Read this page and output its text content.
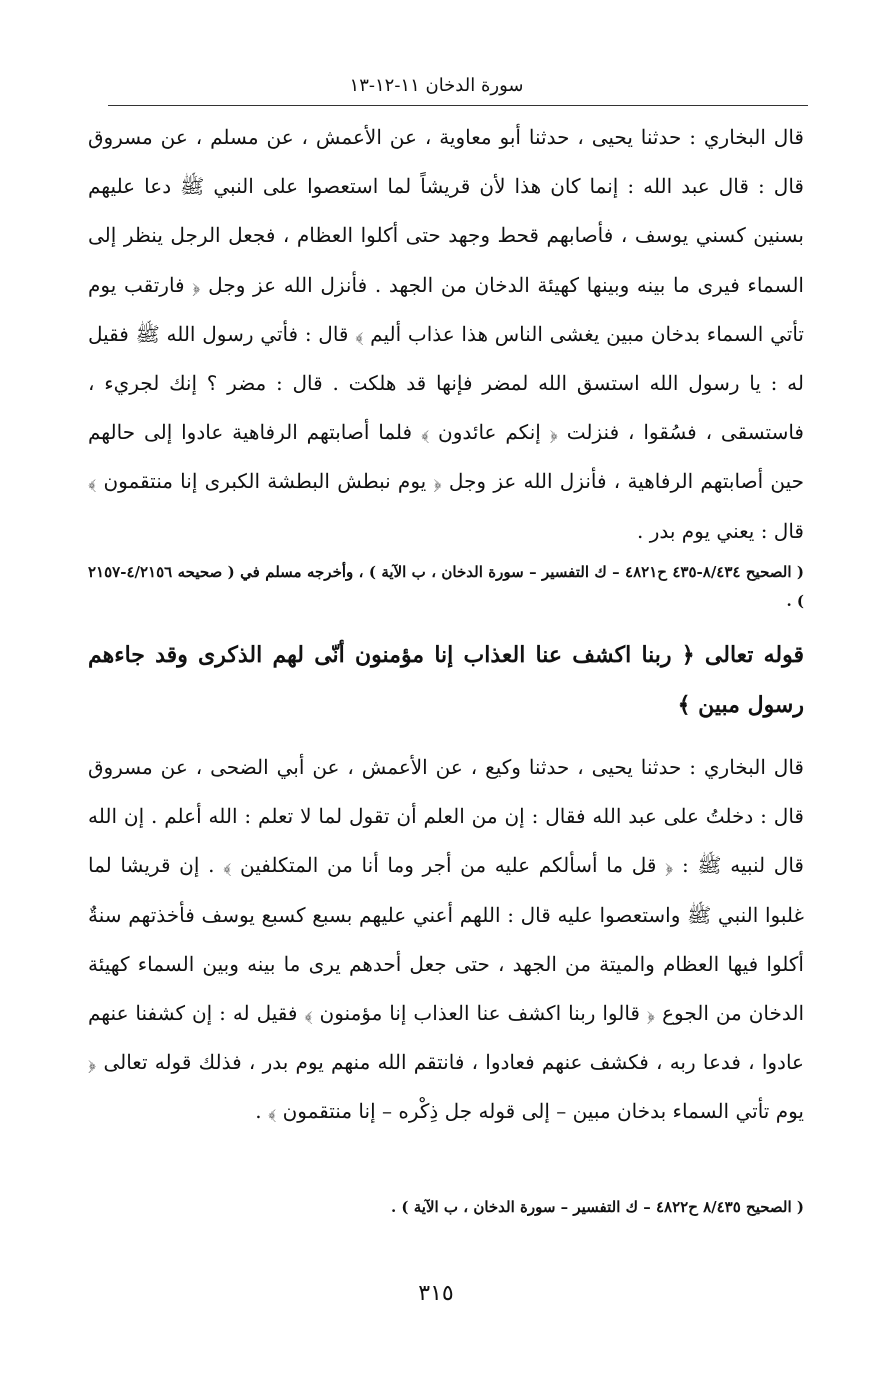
سورة الدخان ١١-١٢-١٣

قال البخاري : حدثنا يحيى ، حدثنا أبو معاوية ، عن الأعمش ، عن مسلم ، عن مسروق قال : قال عبد الله : إنما كان هذا لأن قريشاً لما استعصوا على النبي ﷺ دعا عليهم بسنين كسني يوسف ، فأصابهم قحط وجهد حتى أكلوا العظام ، فجعل الرجل ينظر إلى السماء فيرى ما بينه وبينها كهيئة الدخان من الجهد . فأنزل الله عز وجل ﴿ فارتقب يوم تأتي السماء بدخان مبين يغشى الناس هذا عذاب أليم ﴾ قال : فأتي رسول الله ﷺ فقيل له : يا رسول الله استسق الله لمضر فإنها قد هلكت . قال : مضر ؟ إنك لجريء ، فاستسقى ، فسُقوا ، فنزلت ﴿ إنكم عائدون ﴾ فلما أصابتهم الرفاهية عادوا إلى حالهم حين أصابتهم الرفاهية ، فأنزل الله عز وجل ﴿ يوم نبطش البطشة الكبرى إنا منتقمون ﴾ قال : يعني يوم بدر .

( الصحيح ٨/٤٣٤-٤٣٥ ح٤٨٢١ – ك التفسير – سورة الدخان ، ب الآية ) ، وأخرجه مسلم في ( صحيحه ٤/٢١٥٦-٢١٥٧ ) .

قوله تعالى ﴿ ربنا اكشف عنا العذاب إنا مؤمنون أنّى لهم الذكرى وقد جاءهم رسول مبين ﴾

قال البخاري : حدثنا يحيى ، حدثنا وكيع ، عن الأعمش ، عن أبي الضحى ، عن مسروق قال : دخلتُ على عبد الله فقال : إن من العلم أن تقول لما لا تعلم : الله أعلم . إن الله قال لنبيه ﷺ : ﴿ قل ما أسألكم عليه من أجر وما أنا من المتكلفين ﴾ . إن قريشا لما غلبوا النبي ﷺ واستعصوا عليه قال : اللهم أعني عليهم بسبع كسبع يوسف فأخذتهم سنةٌ أكلوا فيها العظام والميتة من الجهد ، حتى جعل أحدهم يرى ما بينه وبين السماء كهيئة الدخان من الجوع ﴿ قالوا ربنا اكشف عنا العذاب إنا مؤمنون ﴾ فقيل له : إن كشفنا عنهم عادوا ، فدعا ربه ، فكشف عنهم فعادوا ، فانتقم الله منهم يوم بدر ، فذلك قوله تعالى ﴿ يوم تأتي السماء بدخان مبين – إلى قوله جل ذِكْره – إنا منتقمون ﴾ .

( الصحيح ٨/٤٣٥ ح٤٨٢٢ – ك التفسير – سورة الدخان ، ب الآية ) .

٣١٥
